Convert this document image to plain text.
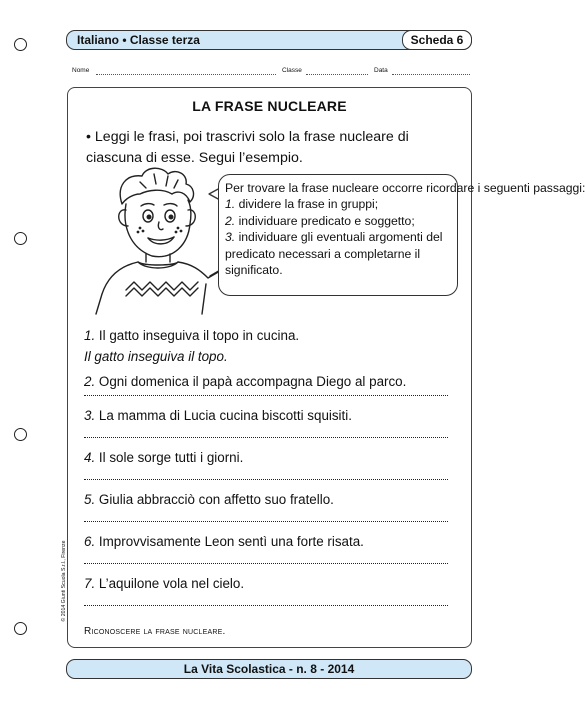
Italiano • Classe terza	Scheda 6
Nome	Classe	Data
LA FRASE NUCLEARE
• Leggi le frasi, poi trascrivi solo la frase nucleare di ciascuna di esse. Segui l’esempio.
Per trovare la frase nucleare occorre ricordare i seguenti passaggi:
1. dividere la frase in gruppi;
2. individuare predicato e soggetto;
3. individuare gli eventuali argomenti del predicato necessari a completarne il significato.
1. Il gatto inseguiva il topo in cucina.
Il gatto inseguiva il topo.
2. Ogni domenica il papà accompagna Diego al parco.
3. La mamma di Lucia cucina biscotti squisiti.
4. Il sole sorge tutti i giorni.
5. Giulia abbracciò con affetto suo fratello.
6. Improvvisamente Leon sentì una forte risata.
7. L’aquilone vola nel cielo.
Riconoscere la frase nucleare.
© 2014 Giunti Scuola S.r.l., Firenze
La Vita Scolastica - n. 8 - 2014
